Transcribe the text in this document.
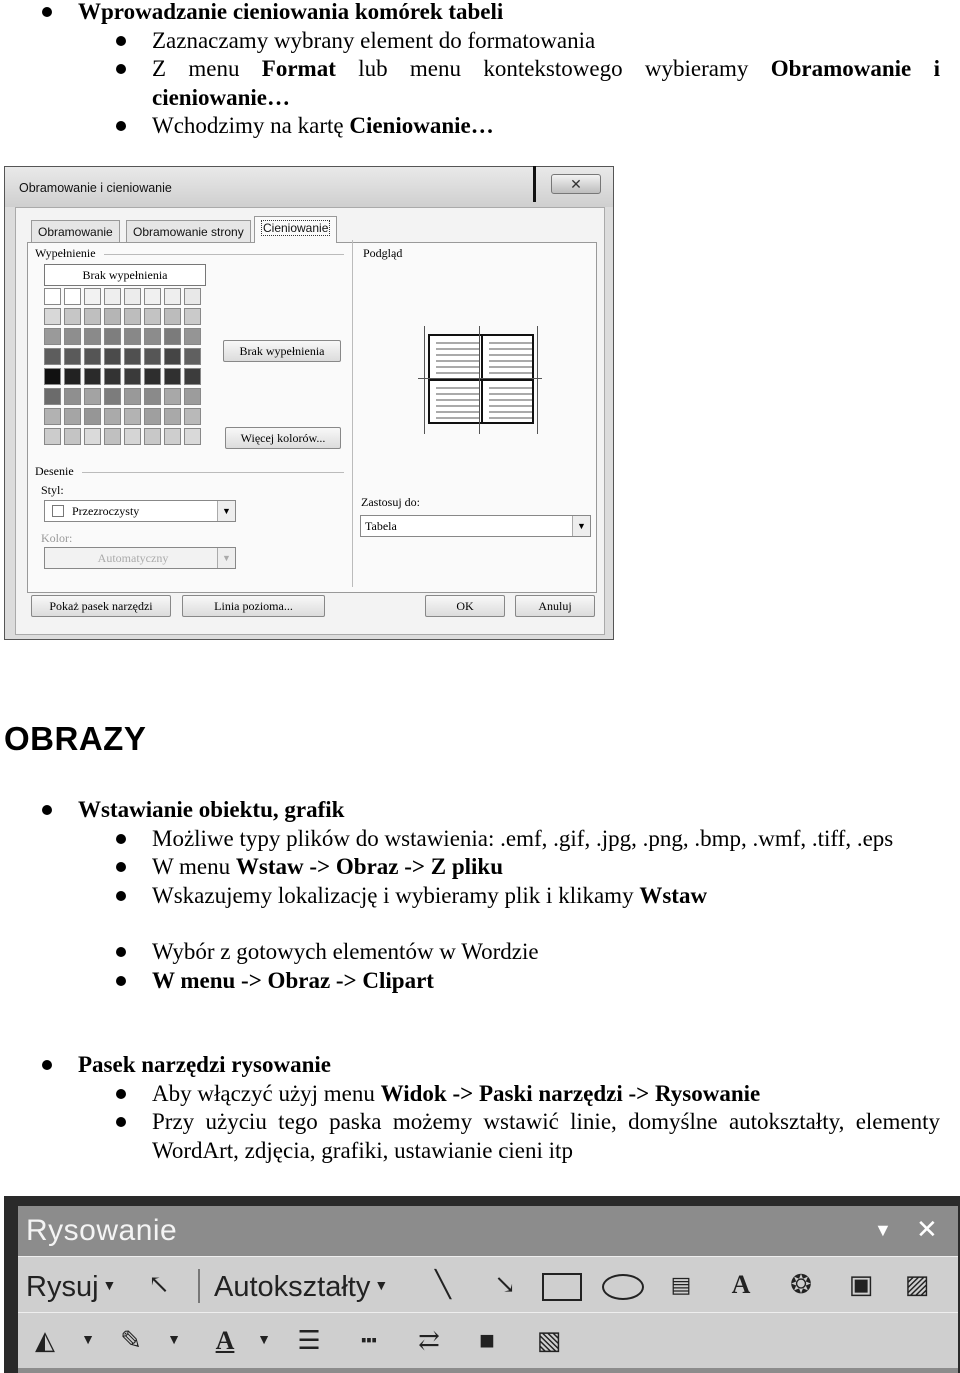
Wprowadzanie cieniowania komórek tabeli
Zaznaczamy wybrany element do formatowania
Z menu Format lub menu kontekstowego wybieramy Obramowanie i cieniowanie…
Wchodzimy na kartę Cieniowanie…
Obramowanie i cieniowanie	✕
Obramowanie	Obramowanie strony	Cieniowanie
Wypełnienie
Brak wypełnienia
Brak wypełnienia
Więcej kolorów...
Desenie
Styl:
Przezroczysty	▼
Kolor:
Automatyczny	▼
Podgląd
Zastosuj do:
Tabela	▼
Pokaż pasek narzędzi	Linia pozioma...	OK	Anuluj
OBRAZY
Wstawianie obiektu, grafik
Możliwe typy plików do wstawienia: .emf, .gif, .jpg, .png, .bmp, .wmf, .tiff, .eps
W menu Wstaw -> Obraz -> Z pliku
Wskazujemy lokalizację i wybieramy plik i klikamy Wstaw
Wybór z gotowych elementów w Wordzie
W menu -> Obraz -> Clipart
Pasek narzędzi rysowanie
Aby włączyć użyj menu Widok -> Paski narzędzi -> Rysowanie
Przy użyciu tego paska możemy wstawić linie, domyślne autokształty, elementy WordArt, zdjęcia, grafiki, ustawianie cieni itp
Rysowanie	▼ ✕
Rysuj ▼ ↖ Autokształty ▼	╲	↘	▤ A ❂ ▣ ▨
◭	▼ ✎	▼ A	▼ ☰	┅	⇄	■	▧
